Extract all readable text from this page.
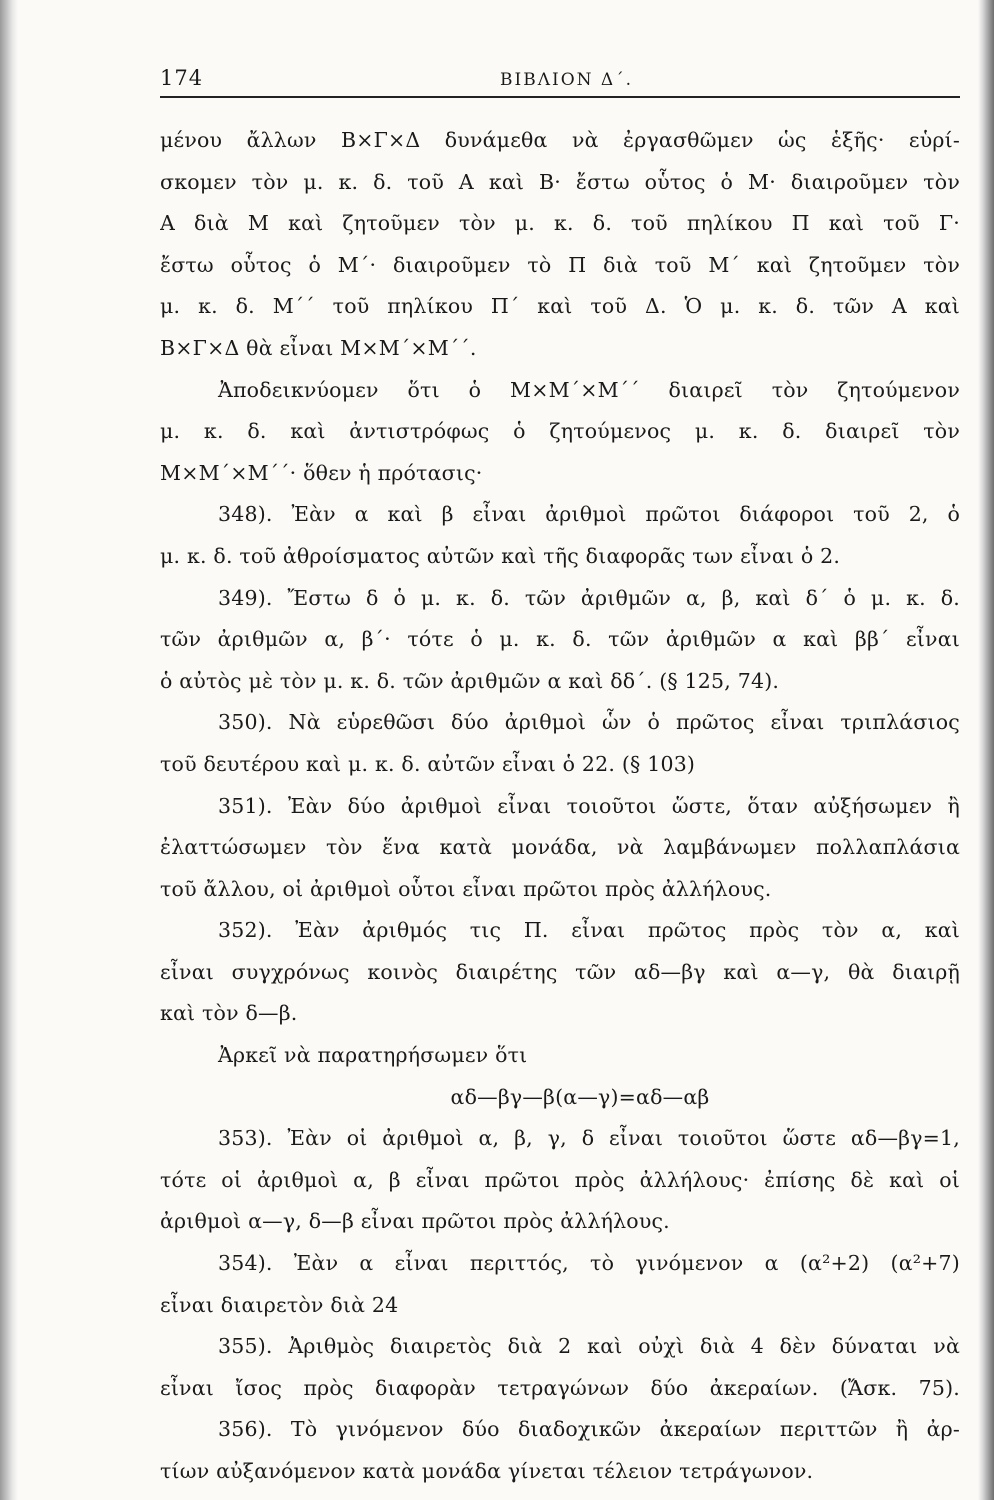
174	ΒΙΒΛΙΟΝ Δ΄.
μένου ἄλλων Β×Γ×Δ δυνάμεθα νὰ ἐργασθῶμεν ὡς ἑξῆς· εὑρί-
σκομεν τὸν μ. κ. δ. τοῦ Α καὶ Β· ἔστω οὗτος ὁ Μ· διαιροῦμεν τὸν
Α διὰ Μ καὶ ζητοῦμεν τὸν μ. κ. δ. τοῦ πηλίκου Π καὶ τοῦ Γ·
ἔστω οὗτος ὁ Μ΄· διαιροῦμεν τὸ Π διὰ τοῦ Μ΄ καὶ ζητοῦμεν τὸν
μ. κ. δ. Μ΄΄ τοῦ πηλίκου Π΄ καὶ τοῦ Δ. Ὁ μ. κ. δ. τῶν Α καὶ
Β×Γ×Δ θὰ εἶναι Μ×Μ΄×Μ΄΄.
Ἀποδεικνύομεν ὅτι ὁ Μ×Μ΄×Μ΄΄ διαιρεῖ τὸν ζητούμενον
μ. κ. δ. καὶ ἀντιστρόφως ὁ ζητούμενος μ. κ. δ. διαιρεῖ τὸν
Μ×Μ΄×Μ΄΄· ὅθεν ἡ πρότασις·
348). Ἐὰν α καὶ β εἶναι ἀριθμοὶ πρῶτοι διάφοροι τοῦ 2, ὁ
μ. κ. δ. τοῦ ἀθροίσματος αὐτῶν καὶ τῆς διαφορᾶς των εἶναι ὁ 2.
349). Ἔστω δ ὁ μ. κ. δ. τῶν ἀριθμῶν α, β, καὶ δ΄ ὁ μ. κ. δ.
τῶν ἀριθμῶν α, β΄· τότε ὁ μ. κ. δ. τῶν ἀριθμῶν α καὶ ββ΄ εἶναι
ὁ αὐτὸς μὲ τὸν μ. κ. δ. τῶν ἀριθμῶν α καὶ δδ΄. (§ 125, 74).
350). Νὰ εὑρεθῶσι δύο ἀριθμοὶ ὧν ὁ πρῶτος εἶναι τριπλάσιος
τοῦ δευτέρου καὶ μ. κ. δ. αὐτῶν εἶναι ὁ 22. (§ 103)
351). Ἐὰν δύο ἀριθμοὶ εἶναι τοιοῦτοι ὥστε, ὅταν αὐξήσωμεν ἢ
ἐλαττώσωμεν τὸν ἕνα κατὰ μονάδα, νὰ λαμβάνωμεν πολλαπλάσια
τοῦ ἄλλου, οἱ ἀριθμοὶ οὗτοι εἶναι πρῶτοι πρὸς ἀλλήλους.
352). Ἐὰν ἀριθμός τις Π. εἶναι πρῶτος πρὸς τὸν α, καὶ
εἶναι συγχρόνως κοινὸς διαιρέτης τῶν αδ—βγ καὶ α—γ, θὰ διαιρῇ
καὶ τὸν δ—β.
Ἀρκεῖ νὰ παρατηρήσωμεν ὅτι
αδ—βγ—β(α—γ)=αδ—αβ
353). Ἐὰν οἱ ἀριθμοὶ α, β, γ, δ εἶναι τοιοῦτοι ὥστε αδ—βγ=1,
τότε οἱ ἀριθμοὶ α, β εἶναι πρῶτοι πρὸς ἀλλήλους· ἐπίσης δὲ καὶ οἱ
ἀριθμοὶ α—γ, δ—β εἶναι πρῶτοι πρὸς ἀλλήλους.
354). Ἐὰν α εἶναι περιττός, τὸ γινόμενον α (α²+2) (α²+7)
εἶναι διαιρετὸν διὰ 24
355). Ἀριθμὸς διαιρετὸς διὰ 2 καὶ οὐχὶ διὰ 4 δὲν δύναται νὰ
εἶναι ἴσος πρὸς διαφορὰν τετραγώνων δύο ἀκεραίων. (Ἄσκ. 75).
356). Τὸ γινόμενον δύο διαδοχικῶν ἀκεραίων περιττῶν ἢ ἀρ-
τίων αὐξανόμενον κατὰ μονάδα γίνεται τέλειον τετράγωνον.
